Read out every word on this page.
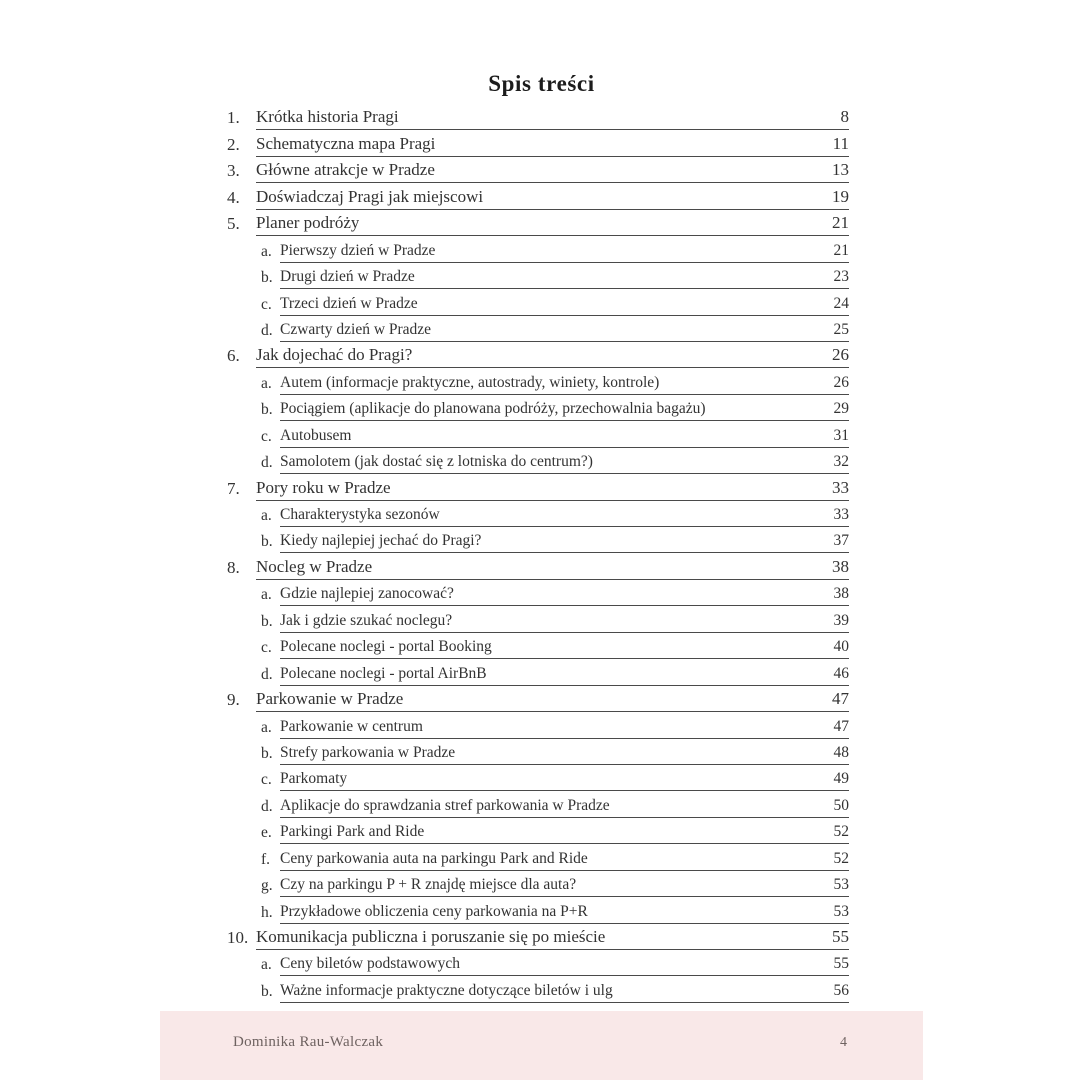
Spis treści
1. Krótka historia Pragi	8
2. Schematyczna mapa Pragi	11
3. Główne atrakcje w Pradze	13
4. Doświadczaj Pragi jak miejscowi	19
5. Planer podróży	21
a. Pierwszy dzień w Pradze	21
b. Drugi dzień w Pradze	23
c. Trzeci dzień w Pradze	24
d. Czwarty dzień w Pradze	25
6. Jak dojechać do Pragi?	26
a. Autem (informacje praktyczne, autostrady, winiety, kontrole)	26
b. Pociągiem (aplikacje do planowana podróży, przechowalnia bagażu)	29
c. Autobusem	31
d. Samolotem (jak dostać się z lotniska do centrum?)	32
7. Pory roku w Pradze	33
a. Charakterystyka sezonów	33
b. Kiedy najlepiej jechać do Pragi?	37
8. Nocleg w Pradze	38
a. Gdzie najlepiej zanocować?	38
b. Jak i gdzie szukać noclegu?	39
c. Polecane noclegi - portal Booking	40
d. Polecane noclegi - portal AirBnB	46
9. Parkowanie w Pradze	47
a. Parkowanie w centrum	47
b. Strefy parkowania w Pradze	48
c. Parkomaty	49
d. Aplikacje do sprawdzania stref parkowania w Pradze	50
e. Parkingi Park and Ride	52
f. Ceny parkowania auta na parkingu Park and Ride	52
g. Czy na parkingu P + R znajdę miejsce dla auta?	53
h. Przykładowe obliczenia ceny parkowania na P+R	53
10. Komunikacja publiczna i poruszanie się po mieście	55
a. Ceny biletów podstawowych	55
b. Ważne informacje praktyczne dotyczące biletów i ulg	56
Dominika Rau-Walczak	4
